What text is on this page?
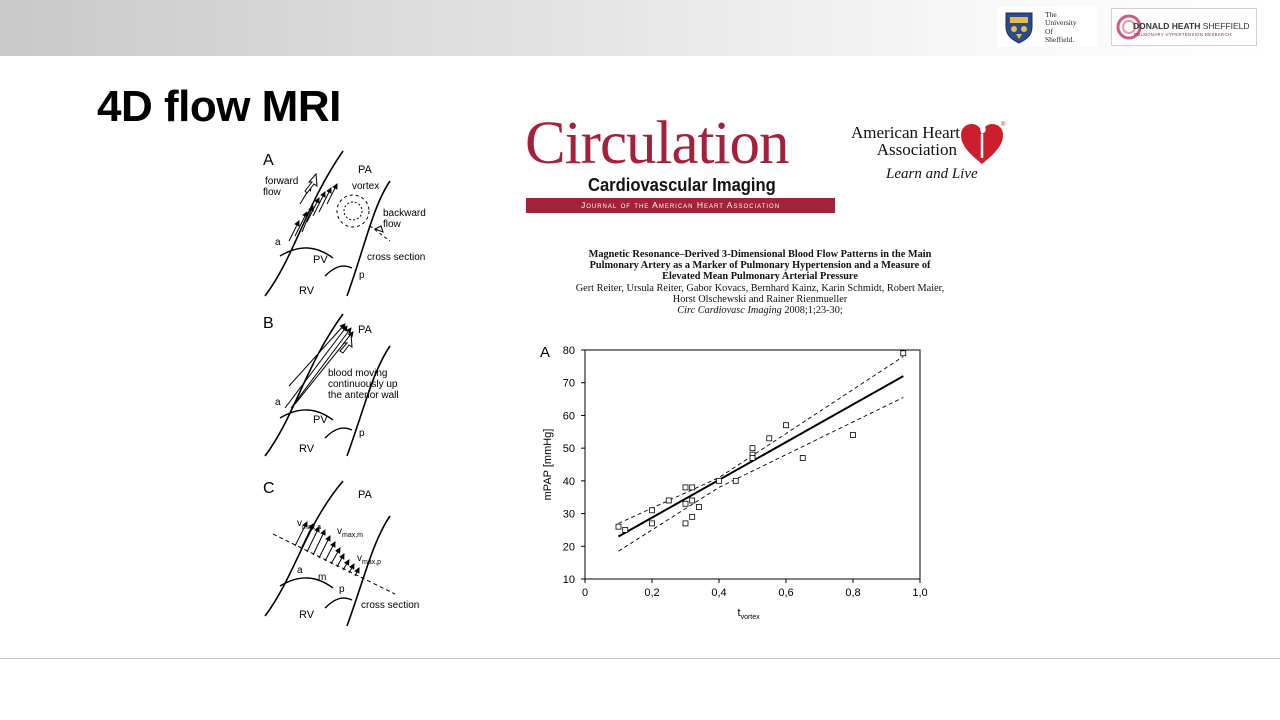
The
University
Of
Sheffield.
DONALD HEATH SHEFFIELD
PULMONARY HYPERTENSION RESEARCH
4D flow MRI
A
PA
forward flow
vortex
backward flow
cross section
a
PV
p
RV
B	PA
blood moving continuously up the anterior wall
a
PV
p
RV
C	PA
$v_{max,a}$ $v_{max,m}$
$v_{max,p}$
a
m
p
RV
cross section
Circulation
Cardiovascular Imaging
Journal of the American Heart Association
American Heart
Association
®
Learn and Live
Magnetic Resonance–Derived 3-Dimensional Blood Flow Patterns in the Main
Pulmonary Artery as a Marker of Pulmonary Hypertension and a Measure of
Elevated Mean Pulmonary Arterial Pressure
Gert Reiter, Ursula Reiter, Gabor Kovacs, Bernhard Kainz, Karin Schmidt, Robert Maier,
Horst Olschewski and Rainer Rienmueller
Circ Cardiovasc Imaging 2008;1;23-30;
10
20
30
40
50
60
70
80
0	0,2	0,4	0,6	0,8	1,0
A
mPAP [mmHg]
$t_{vortex}$
